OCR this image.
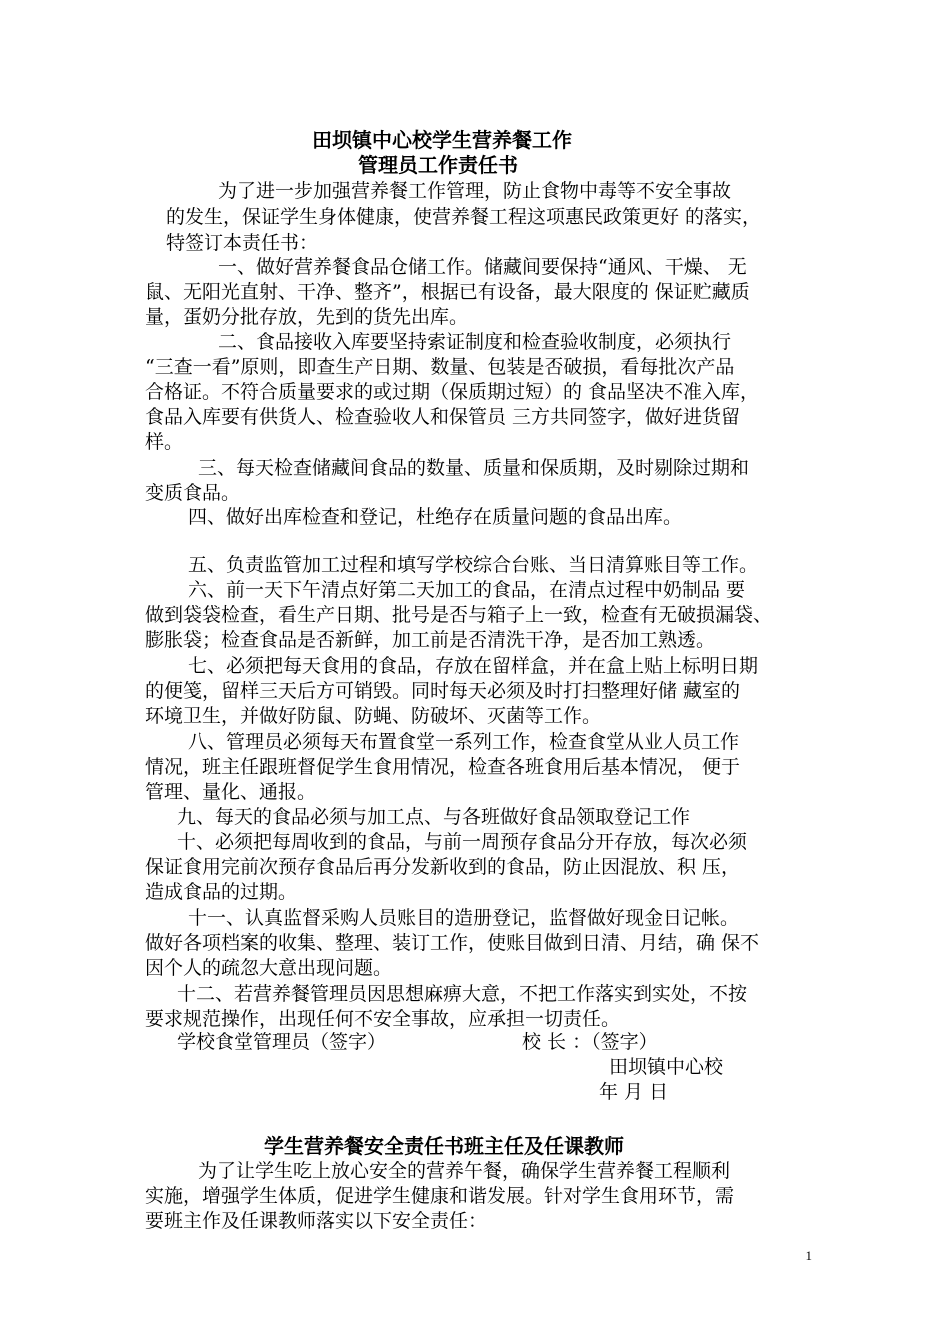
田坝镇中心校学生营养餐工作
管理员工作责任书
为了进一步加强营养餐工作管理，防止食物中毒等不安全事故
的发生，保证学生身体健康，使营养餐工程这项惠民政策更好 的落实，
特签订本责任书：
一、做好营养餐食品仓储工作。储藏间要保持“通风、干燥、 无
鼠、无阳光直射、干净、整齐”，根据已有设备，最大限度的 保证贮藏质
量，蛋奶分批存放，先到的货先出库。
二、食品接收入库要坚持索证制度和检查验收制度，必须执行
“三查一看”原则，即查生产日期、数量、包装是否破损，看每批次产品
合格证。不符合质量要求的或过期（保质期过短）的 食品坚决不准入库，
食品入库要有供货人、检查验收人和保管员 三方共同签字，做好进货留
样。
三、每天检查储藏间食品的数量、质量和保质期，及时剔除过期和
变质食品。
四、做好出库检查和登记，杜绝存在质量问题的食品出库。
五、负责监管加工过程和填写学校综合台账、当日清算账目等工作。
六、前一天下午清点好第二天加工的食品，在清点过程中奶制品 要
做到袋袋检查，看生产日期、批号是否与箱子上一致，检查有无破损漏袋、
膨胀袋；检查食品是否新鲜，加工前是否清洗干净，是否加工熟透。
七、必须把每天食用的食品，存放在留样盒，并在盒上贴上标明日期
的便笺，留样三天后方可销毁。同时每天必须及时打扫整理好储 藏室的
环境卫生，并做好防鼠、防蝇、防破坏、灭菌等工作。
八、管理员必须每天布置食堂一系列工作，检查食堂从业人员工作
情况，班主任跟班督促学生食用情况，检查各班食用后基本情况， 便于
管理、量化、通报。
九、每天的食品必须与加工点、与各班做好食品领取登记工作
十、必须把每周收到的食品，与前一周预存食品分开存放，每次必须
保证食用完前次预存食品后再分发新收到的食品，防止因混放、积 压，
造成食品的过期。
十一、认真监督采购人员账目的造册登记，监督做好现金日记帐。
做好各项档案的收集、整理、装订工作，使账目做到日清、月结，确 保不
因个人的疏忽大意出现问题。
十二、若营养餐管理员因思想麻痹大意，不把工作落实到实处，不按
要求规范操作，出现任何不安全事故，应承担一切责任。
学校食堂管理员（签字）	校 长 ：（签字）
田坝镇中心校
年 月 日
学生营养餐安全责任书班主任及任课教师
为了让学生吃上放心安全的营养午餐，确保学生营养餐工程顺利
实施，增强学生体质，促进学生健康和谐发展。针对学生食用环节，需
要班主作及任课教师落实以下安全责任：
1
